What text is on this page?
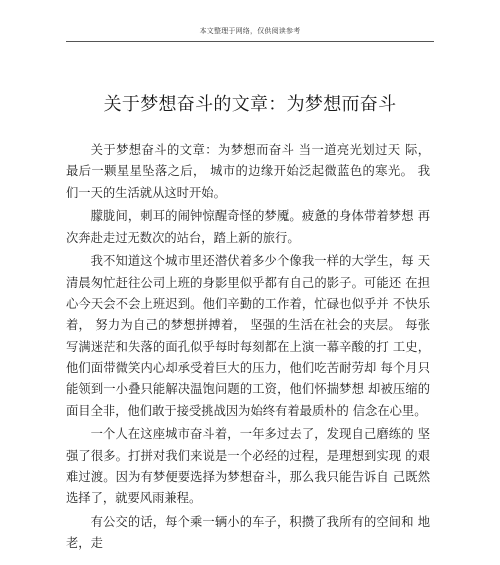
本文整理于网络，仅供阅读参考
关于梦想奋斗的文章：为梦想而奋斗

关于梦想奋斗的文章：为梦想而奋斗 当一道亮光划过天 际，最后一颗星星坠落之后， 城市的边缘开始泛起微蓝色的寒光。 我们一天的生活就从这时开始。

朦胧间，刺耳的闹钟惊醒奇怪的梦魇。疲惫的身体带着梦想 再次奔赴走过无数次的站台，踏上新的旅行。

我不知道这个城市里还潜伏着多少个像我一样的大学生，每 天清晨匆忙赶往公司上班的身影里似乎都有自己的影子。可能还 在担心今天会不会上班迟到。他们辛勤的工作着，忙碌也似乎并 不快乐着， 努力为自己的梦想拼搏着， 坚强的生活在社会的夹层。 每张写满迷茫和失落的面孔似乎每时每刻都在上演一幕辛酸的打 工史，他们面带微笑内心却承受着巨大的压力，他们吃苦耐劳却 每个月只能领到一小叠只能解决温饱问题的工资，他们怀揣梦想 却被压缩的面目全非，他们敢于接受挑战因为始终有着最质朴的 信念在心里。

一个人在这座城市奋斗着，一年多过去了，发现自己磨练的 坚强了很多。打拼对我们来说是一个必经的过程，是理想到实现 的艰难过渡。因为有梦便要选择为梦想奋斗，那么我只能告诉自 己既然选择了，就要风雨兼程。

有公交的话，每个乘一辆小的车子，积攒了我所有的空间和 地老，走
